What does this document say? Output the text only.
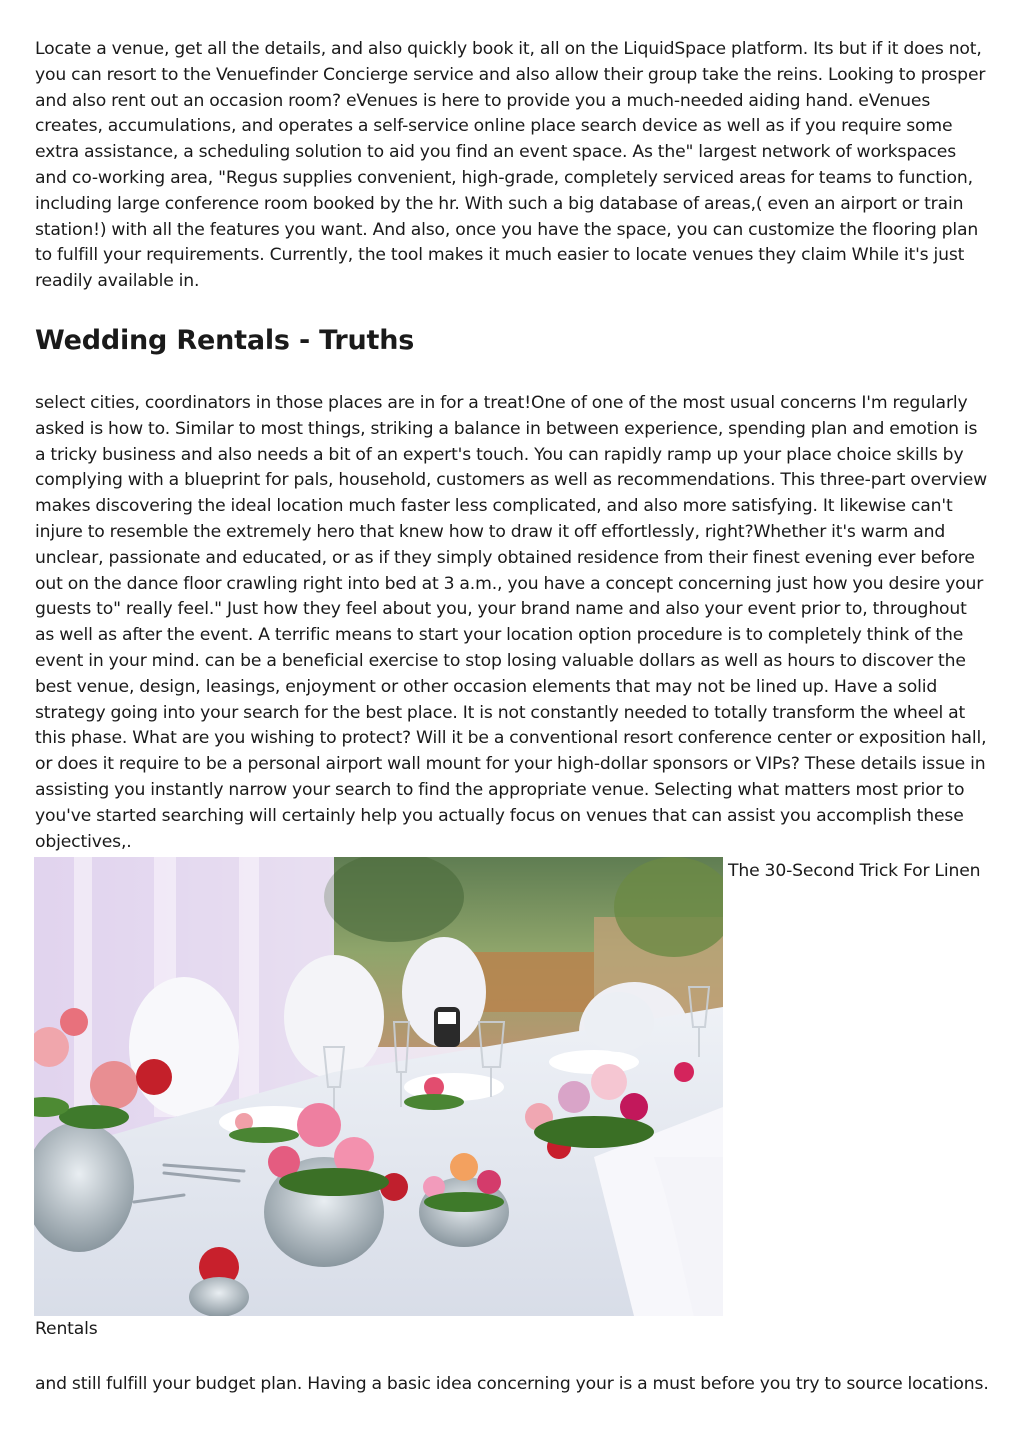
Locate a venue, get all the details, and also quickly book it, all on the LiquidSpace platform. Its but if it does not, you can resort to the Venuefinder Concierge service and also allow their group take the reins. Looking to prosper and also rent out an occasion room? eVenues is here to provide you a much-needed aiding hand. eVenues creates, accumulations, and operates a self-service online place search device as well as if you require some extra assistance, a scheduling solution to aid you find an event space. As the" largest network of workspaces and co-working area, "Regus supplies convenient, high-grade, completely serviced areas for teams to function, including large conference room booked by the hr. With such a big database of areas,( even an airport or train station!) with all the features you want. And also, once you have the space, you can customize the flooring plan to fulfill your requirements. Currently, the tool makes it much easier to locate venues they claim While it's just readily available in.

Wedding Rentals - Truths

select cities, coordinators in those places are in for a treat!One of one of the most usual concerns I'm regularly asked is how to. Similar to most things, striking a balance in between experience, spending plan and emotion is a tricky business and also needs a bit of an expert's touch. You can rapidly ramp up your place choice skills by complying with a blueprint for pals, household, customers as well as recommendations. This three-part overview makes discovering the ideal location much faster less complicated, and also more satisfying. It likewise can't injure to resemble the extremely hero that knew how to draw it off effortlessly, right?Whether it's warm and unclear, passionate and educated, or as if they simply obtained residence from their finest evening ever before out on the dance floor crawling right into bed at 3 a.m., you have a concept concerning just how you desire your guests to" really feel." Just how they feel about you, your brand name and also your event prior to, throughout as well as after the event. A terrific means to start your location option procedure is to completely think of the event in your mind. can be a beneficial exercise to stop losing valuable dollars as well as hours to discover the best venue, design, leasings, enjoyment or other occasion elements that may not be lined up. Have a solid strategy going into your search for the best place. It is not constantly needed to totally transform the wheel at this phase. What are you wishing to protect? Will it be a conventional resort conference center or exposition hall, or does it require to be a personal airport wall mount for your high-dollar sponsors or VIPs? These details issue in assisting you instantly narrow your search to find the appropriate venue. Selecting what matters most prior to you've started searching will certainly help you actually focus on venues that can assist you accomplish these objectives,.

The 30-Second Trick For Linen

Rentals

and still fulfill your budget plan. Having a basic idea concerning your is a must before you try to source locations.
